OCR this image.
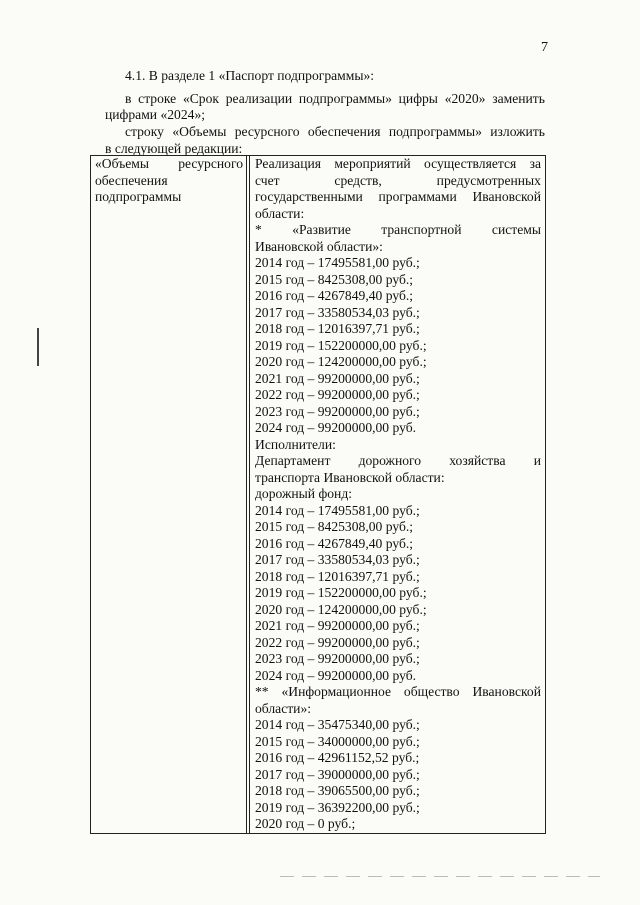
7
4.1. В разделе 1 «Паспорт подпрограммы»:
в строке «Срок реализации подпрограммы» цифры «2020» заменить
цифрами «2024»;
строку «Объемы ресурсного обеспечения подпрограммы» изложить
в следующей редакции:
«Объемы ресурсного
обеспечения
подпрограммы
Реализация мероприятий осуществляется за
счет	средств,	предусмотренных
государственными программами Ивановской
области:
* «Развитие транспортной системы
Ивановской области»:
2014 год – 17495581,00 руб.;
2015 год – 8425308,00 руб.;
2016 год – 4267849,40 руб.;
2017 год – 33580534,03 руб.;
2018 год – 12016397,71 руб.;
2019 год – 152200000,00 руб.;
2020 год – 124200000,00 руб.;
2021 год – 99200000,00 руб.;
2022 год – 99200000,00 руб.;
2023 год – 99200000,00 руб.;
2024 год – 99200000,00 руб.
Исполнители:
Департамент дорожного хозяйства и
транспорта Ивановской области:
дорожный фонд:
2014 год – 17495581,00 руб.;
2015 год – 8425308,00 руб.;
2016 год – 4267849,40 руб.;
2017 год – 33580534,03 руб.;
2018 год – 12016397,71 руб.;
2019 год – 152200000,00 руб.;
2020 год – 124200000,00 руб.;
2021 год – 99200000,00 руб.;
2022 год – 99200000,00 руб.;
2023 год – 99200000,00 руб.;
2024 год – 99200000,00 руб.
** «Информационное общество Ивановской
области»:
2014 год – 35475340,00 руб.;
2015 год – 34000000,00 руб.;
2016 год – 42961152,52 руб.;
2017 год – 39000000,00 руб.;
2018 год – 39065500,00 руб.;
2019 год – 36392200,00 руб.;
2020 год – 0 руб.;
